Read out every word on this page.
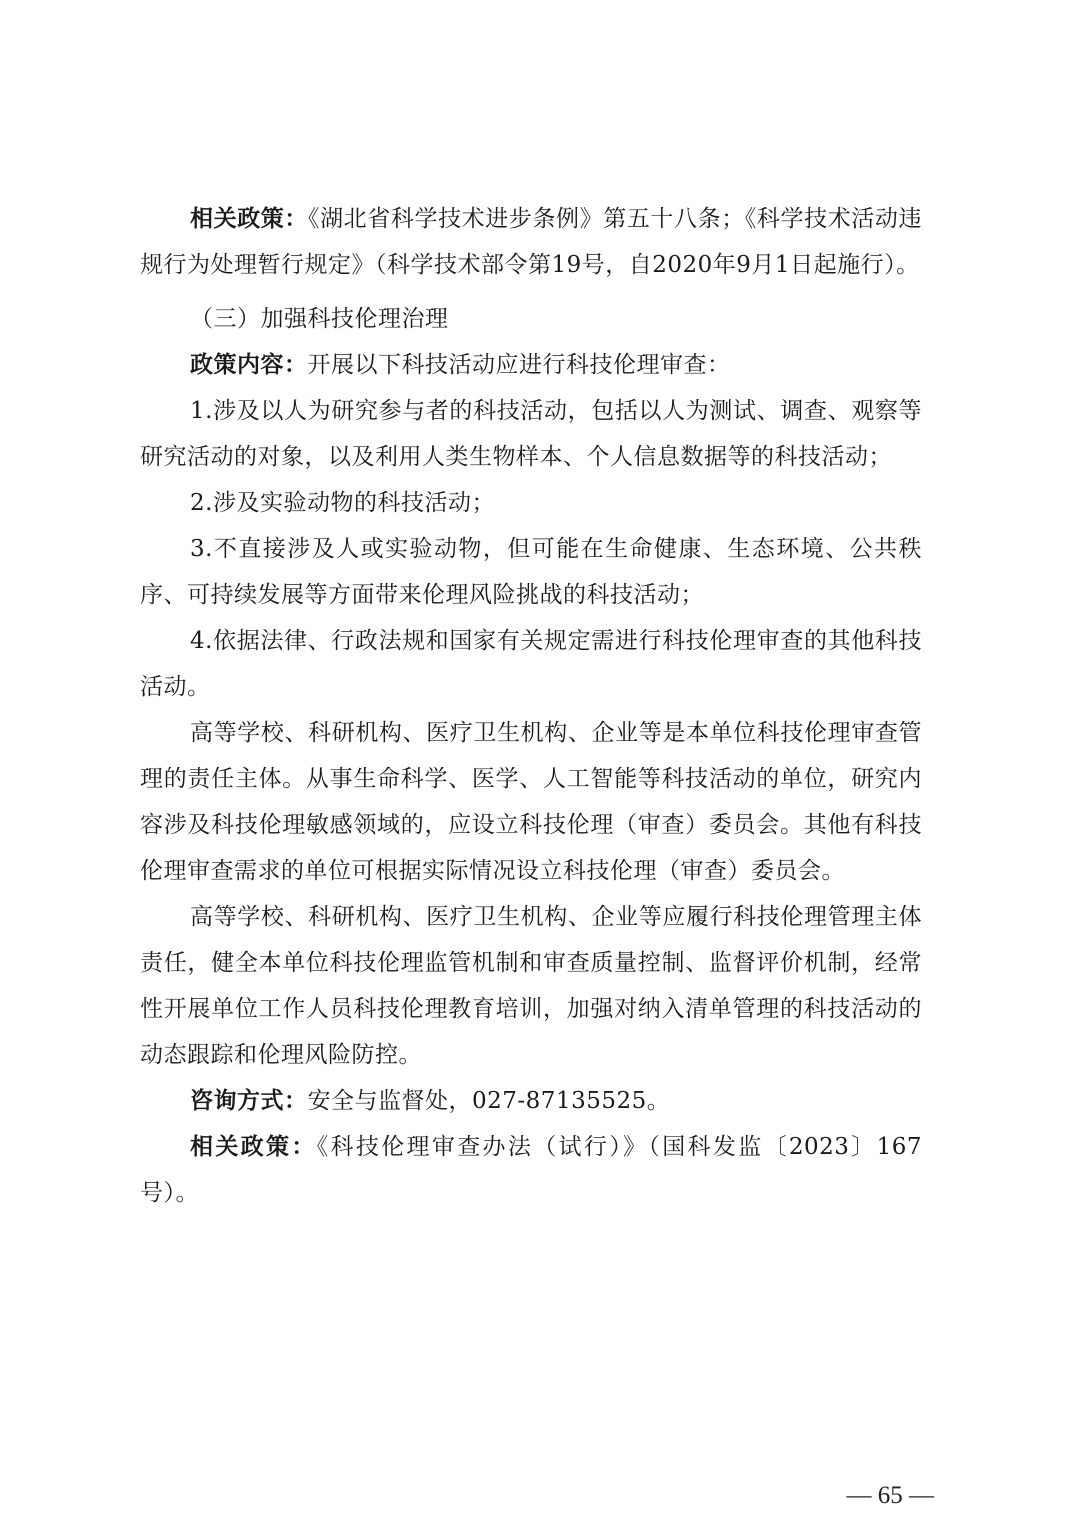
相关政策：《湖北省科学技术进步条例》第五十八条；《科学技术活动违规行为处理暂行规定》（科学技术部令第19号，自2020年9月1日起施行）。

（三）加强科技伦理治理

政策内容：开展以下科技活动应进行科技伦理审查：

1.涉及以人为研究参与者的科技活动，包括以人为测试、调查、观察等研究活动的对象，以及利用人类生物样本、个人信息数据等的科技活动；

2.涉及实验动物的科技活动；

3.不直接涉及人或实验动物，但可能在生命健康、生态环境、公共秩序、可持续发展等方面带来伦理风险挑战的科技活动；

4.依据法律、行政法规和国家有关规定需进行科技伦理审查的其他科技活动。

高等学校、科研机构、医疗卫生机构、企业等是本单位科技伦理审查管理的责任主体。从事生命科学、医学、人工智能等科技活动的单位，研究内容涉及科技伦理敏感领域的，应设立科技伦理（审查）委员会。其他有科技伦理审查需求的单位可根据实际情况设立科技伦理（审查）委员会。

高等学校、科研机构、医疗卫生机构、企业等应履行科技伦理管理主体责任，健全本单位科技伦理监管机制和审查质量控制、监督评价机制，经常性开展单位工作人员科技伦理教育培训，加强对纳入清单管理的科技活动的动态跟踪和伦理风险防控。

咨询方式：安全与监督处，027-87135525。

相关政策：《科技伦理审查办法（试行）》（国科发监〔2023〕167号）。

— 65 —
